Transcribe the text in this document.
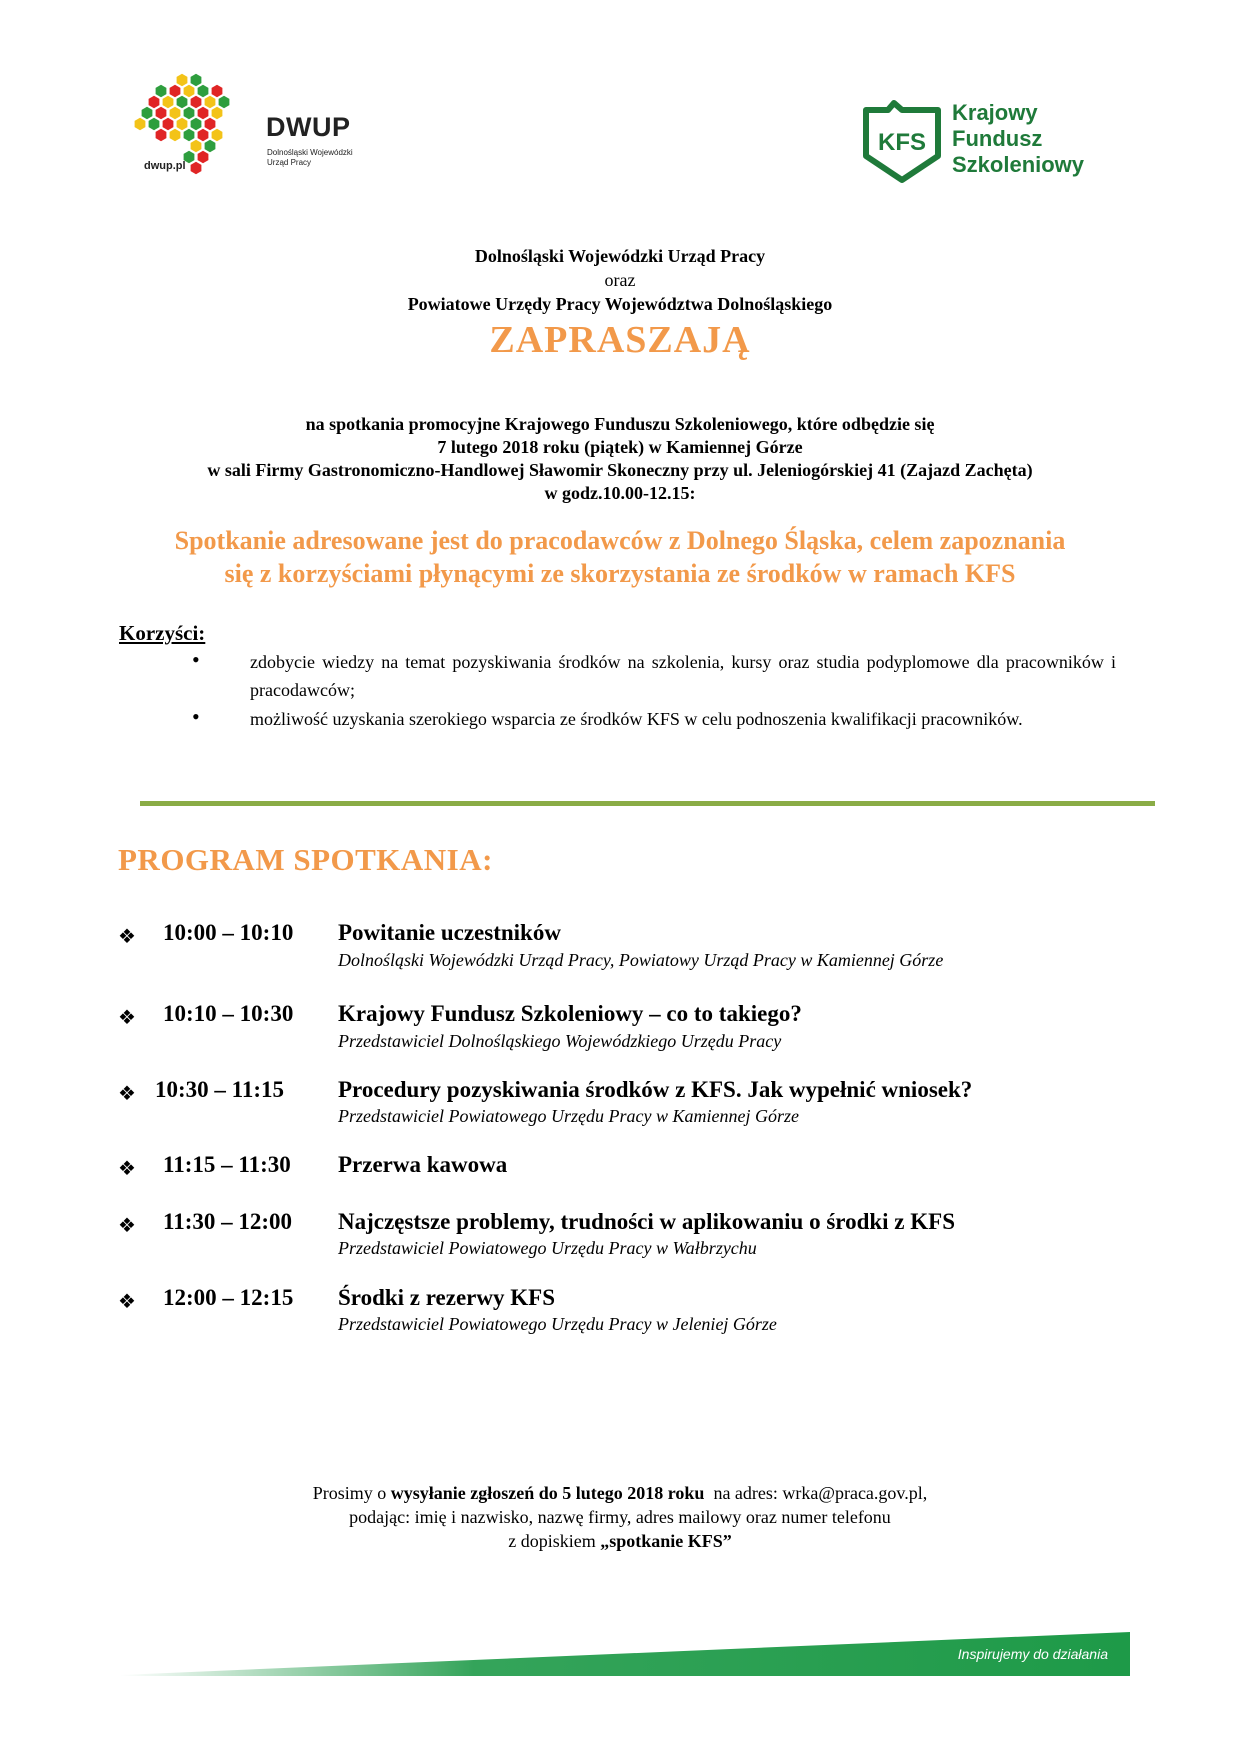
DWUP
Dolnośląski Wojewódzki
Urząd Pracy
dwup.pl
KFS
Krajowy
Fundusz
Szkoleniowy
Dolnośląski Wojewódzki Urząd Pracy
oraz
Powiatowe Urzędy Pracy Województwa Dolnośląskiego
ZAPRASZAJĄ
na spotkania promocyjne Krajowego Funduszu Szkoleniowego, które odbędzie się
7 lutego 2018 roku (piątek) w Kamiennej Górze
w sali Firmy Gastronomiczno-Handlowej Sławomir Skoneczny przy ul. Jeleniogórskiej 41 (Zajazd Zachęta)
w godz.10.00-12.15:
Spotkanie adresowane jest do pracodawców z Dolnego Śląska, celem zapoznania
się z korzyściami płynącymi ze skorzystania ze środków w ramach KFS
Korzyści:
•	zdobycie wiedzy na temat pozyskiwania środków na szkolenia, kursy oraz studia podyplomowe dla pracowników i pracodawców;
•	możliwość uzyskania szerokiego wsparcia ze środków KFS w celu podnoszenia kwalifikacji pracowników.
PROGRAM SPOTKANIA:
❖ 10:00 – 10:10 Powitanie uczestników
Dolnośląski Wojewódzki Urząd Pracy, Powiatowy Urząd Pracy w Kamiennej Górze
❖ 10:10 – 10:30 Krajowy Fundusz Szkoleniowy – co to takiego?
Przedstawiciel Dolnośląskiego Wojewódzkiego Urzędu Pracy
❖ 10:30 – 11:15 Procedury pozyskiwania środków z KFS. Jak wypełnić wniosek?
Przedstawiciel Powiatowego Urzędu Pracy w Kamiennej Górze
❖ 11:15 – 11:30 Przerwa kawowa
❖ 11:30 – 12:00 Najczęstsze problemy, trudności w aplikowaniu o środki z KFS
Przedstawiciel Powiatowego Urzędu Pracy w Wałbrzychu
❖ 12:00 – 12:15 Środki z rezerwy KFS
Przedstawiciel Powiatowego Urzędu Pracy w Jeleniej Górze
Prosimy o wysyłanie zgłoszeń do 5 lutego 2018 roku  na adres: wrka@praca.gov.pl,
podając: imię i nazwisko, nazwę firmy, adres mailowy oraz numer telefonu
z dopiskiem „spotkanie KFS”
Inspirujemy do działania
